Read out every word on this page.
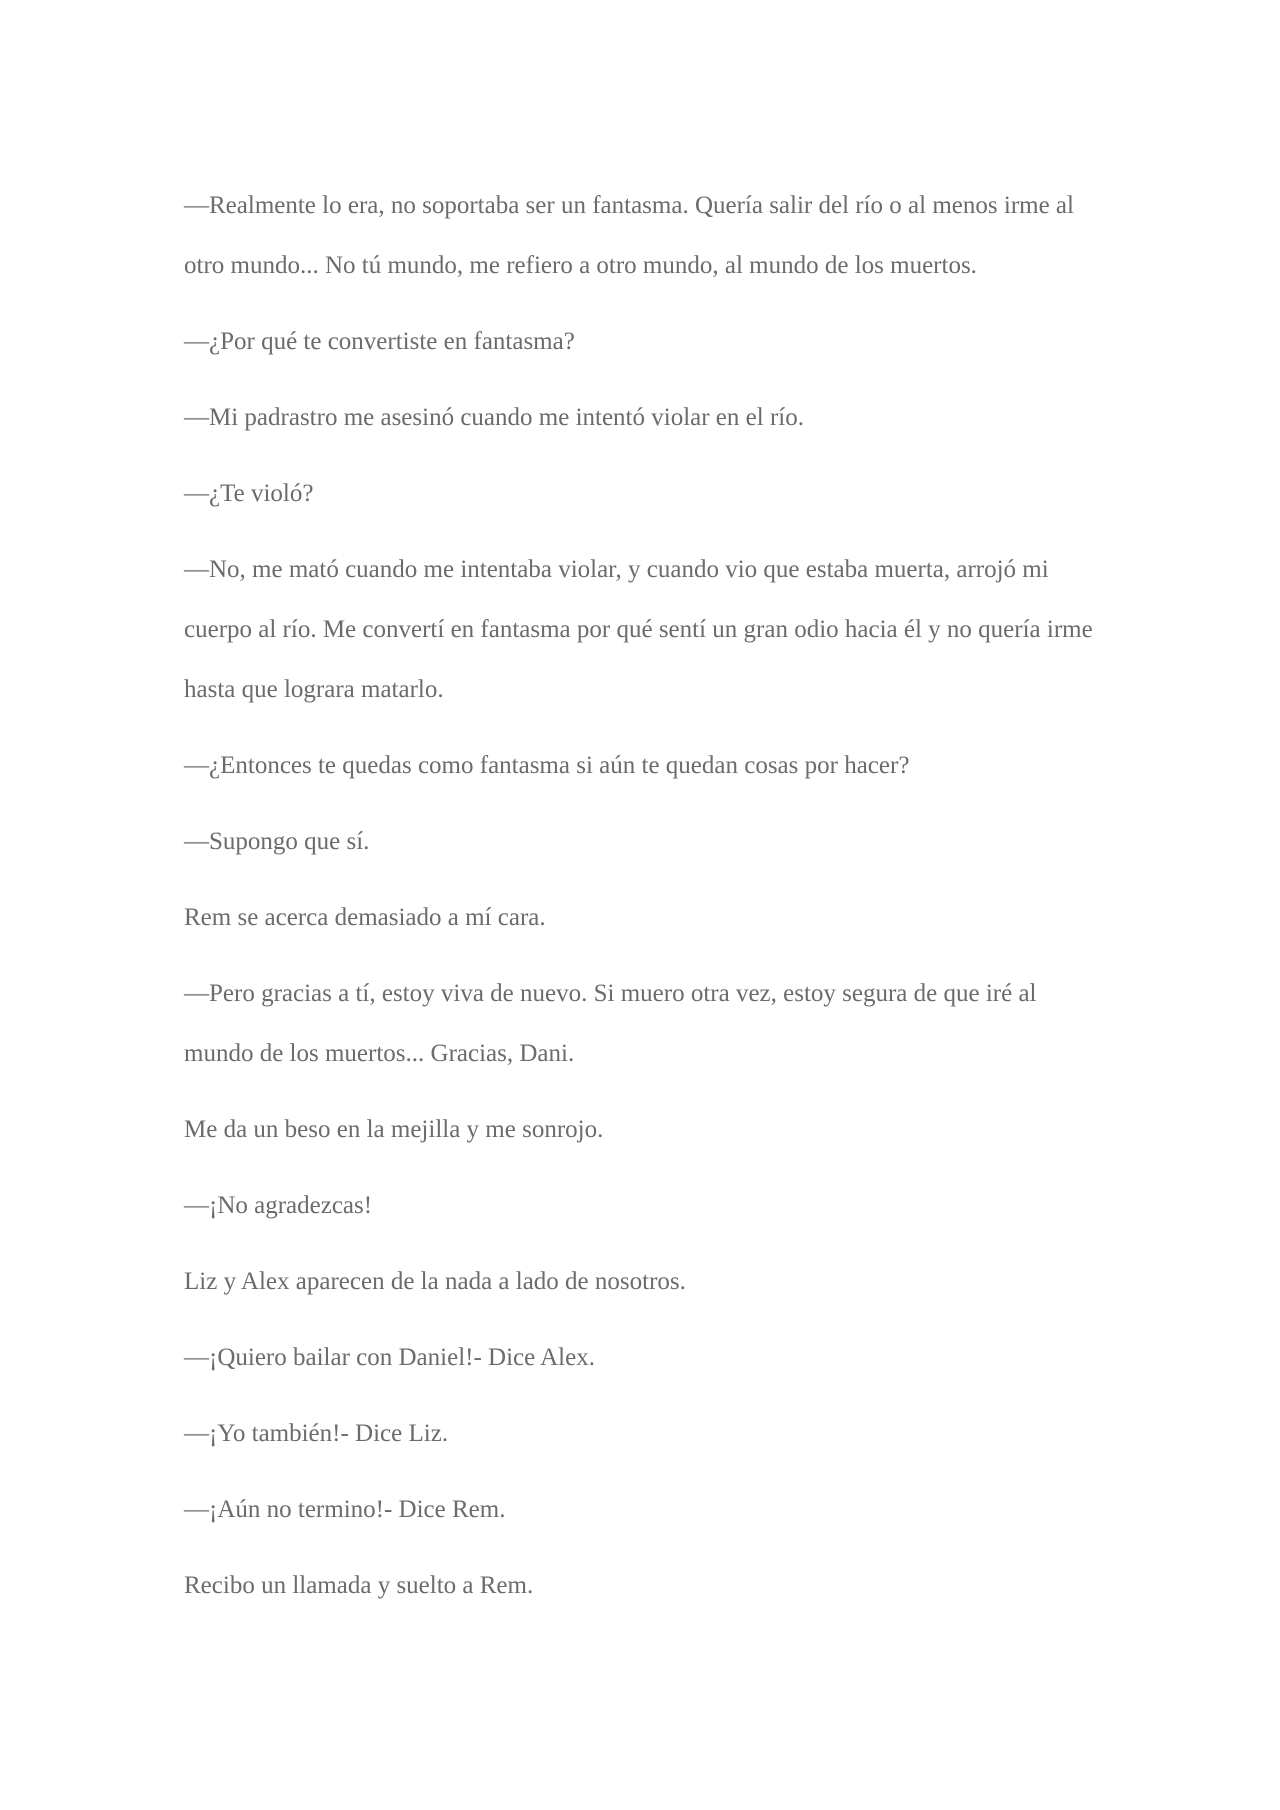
—Realmente lo era, no soportaba ser un fantasma. Quería salir del río o al menos irme al otro mundo... No tú mundo, me refiero a otro mundo, al mundo de los muertos.

—¿Por qué te convertiste en fantasma?

—Mi padrastro me asesinó cuando me intentó violar en el río.

—¿Te violó?

—No, me mató cuando me intentaba violar, y cuando vio que estaba muerta, arrojó mi cuerpo al río. Me convertí en fantasma por qué sentí un gran odio hacia él y no quería irme hasta que lograra matarlo.

—¿Entonces te quedas como fantasma si aún te quedan cosas por hacer?

—Supongo que sí.

Rem se acerca demasiado a mí cara.

—Pero gracias a tí, estoy viva de nuevo. Si muero otra vez, estoy segura de que iré al mundo de los muertos... Gracias, Dani.

Me da un beso en la mejilla y me sonrojo.

—¡No agradezcas!

Liz y Alex aparecen de la nada a lado de nosotros.

—¡Quiero bailar con Daniel!- Dice Alex.

—¡Yo también!- Dice Liz.

—¡Aún no termino!- Dice Rem.

Recibo un llamada y suelto a Rem.
